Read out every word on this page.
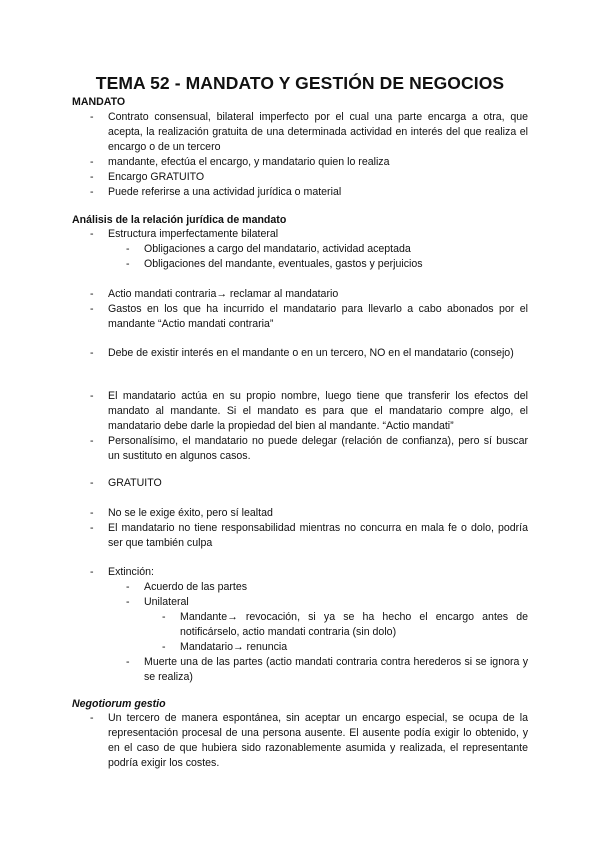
TEMA 52 - MANDATO Y GESTIÓN DE NEGOCIOS
MANDATO
- Contrato consensual, bilateral imperfecto por el cual una parte encarga a otra, que acepta, la realización gratuita de una determinada actividad en interés del que realiza el encargo o de un tercero
- mandante, efectúa el encargo, y mandatario quien lo realiza
- Encargo GRATUITO
- Puede referirse a una actividad jurídica o material
Análisis de la relación jurídica de mandato
- Estructura imperfectamente bilateral
- Obligaciones a cargo del mandatario, actividad aceptada
- Obligaciones del mandante, eventuales, gastos y perjuicios
- Actio mandati contraria→ reclamar al mandatario
- Gastos en los que ha incurrido el mandatario para llevarlo a cabo abonados por el mandante “Actio mandati contraria”
- Debe de existir interés en el mandante o en un tercero, NO en el mandatario (consejo)
- El mandatario actúa en su propio nombre, luego tiene que transferir los efectos del mandato al mandante. Si el mandato es para que el mandatario compre algo, el mandatario debe darle la propiedad del bien al mandante. “Actio mandati”
- Personalísimo, el mandatario no puede delegar (relación de confianza), pero sí buscar un sustituto en algunos casos.
- GRATUITO
- No se le exige éxito, pero sí lealtad
- El mandatario no tiene responsabilidad mientras no concurra en mala fe o dolo, podría ser que también culpa
- Extinción:
- Acuerdo de las partes
- Unilateral
- Mandante→ revocación, si ya se ha hecho el encargo antes de notificárselo, actio mandati contraria (sin dolo)
- Mandatario→ renuncia
- Muerte una de las partes (actio mandati contraria contra herederos si se ignora y se realiza)
Negotiorum gestio
- Un tercero de manera espontánea, sin aceptar un encargo especial, se ocupa de la representación procesal de una persona ausente. El ausente podía exigir lo obtenido, y en el caso de que hubiera sido razonablemente asumida y realizada, el representante podría exigir los costes.
